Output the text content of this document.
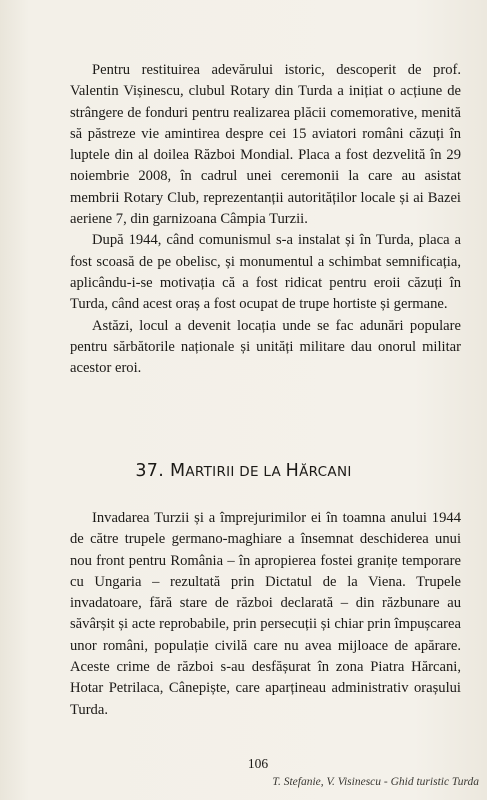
Pentru restituirea adevărului istoric, descoperit de prof. Valentin Vișinescu, clubul Rotary din Turda a inițiat o acțiune de strângere de fonduri pentru realizarea plăcii comemorative, menită să păstreze vie amintirea despre cei 15 aviatori români căzuți în luptele din al doilea Război Mondial. Placa a fost dezvelită în 29 noiembrie 2008, în cadrul unei ceremonii la care au asistat membrii Rotary Club, reprezentanții autorităților locale și ai Bazei aeriene 7, din garnizoana Câmpia Turzii.

După 1944, când comunismul s-a instalat și în Turda, placa a fost scoasă de pe obelisc, și monumentul a schimbat semnificația, aplicându-i-se motivația că a fost ridicat pentru eroii căzuți în Turda, când acest oraș a fost ocupat de trupe hortiste și germane.

Astăzi, locul a devenit locația unde se fac adunări populare pentru sărbătorile naționale și unități militare dau onorul militar acestor eroi.

37. MARTIRII DE LA HĂRCANI

Invadarea Turzii și a împrejurimilor ei în toamna anului 1944 de către trupele germano-maghiare a însemnat deschiderea unui nou front pentru România – în apropierea fostei granițe temporare cu Ungaria – rezultată prin Dictatul de la Viena. Trupele invadatoare, fără stare de război declarată – din răzbunare au săvârșit și acte reprobabile, prin persecuții și chiar prin împușcarea unor români, populație civilă care nu avea mijloace de apărare. Aceste crime de război s-au desfășurat în zona Piatra Hărcani, Hotar Petrilaca, Cânepiște, care aparțineau administrativ orașului Turda.

106
T. Stefanie, V. Visinescu - Ghid turistic Turda
